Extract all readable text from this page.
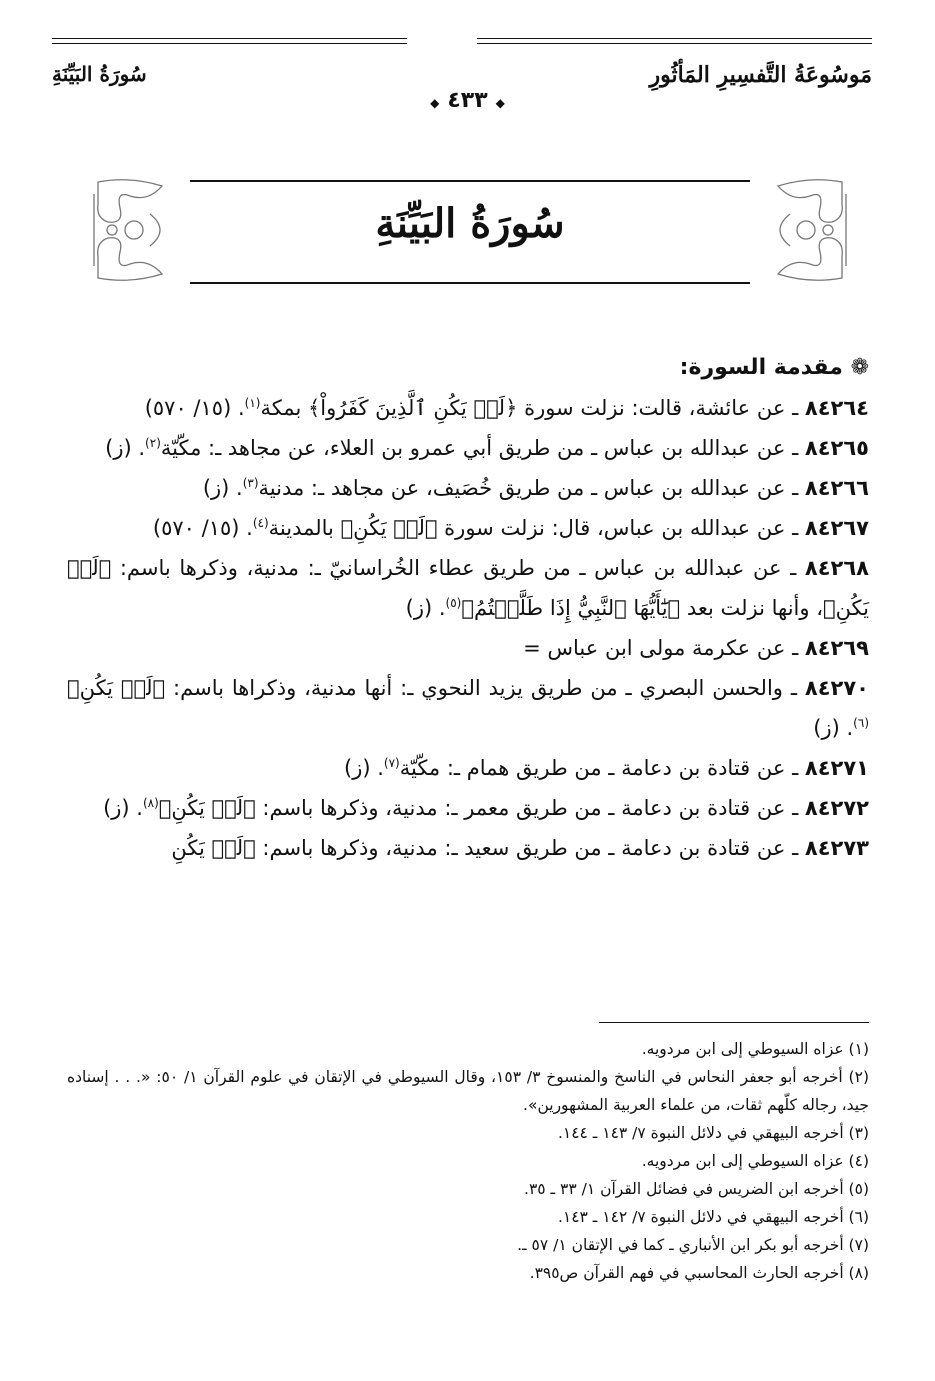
مَوسُوعَةُ التَّفسِيرِ المَأثُورِ
سُورَةُ البَيِّنَةِ
◆٤٣٣◆
سُورَةُ البَيِّنَةِ

❁ مقدمة السورة:

٨٤٢٦٤ ـ عن عائشة، قالت: نزلت سورة ﴿لَمۡ يَكُنِ ٱلَّذِينَ كَفَرُواْ﴾ بمكة$^{(١)}$. (١٥/ ٥٧٠)

٨٤٢٦٥ ـ عن عبدالله بن عباس ـ من طريق أبي عمرو بن العلاء، عن مجاهد ـ: مكّيّة$^{(٢)}$. (ز)

٨٤٢٦٦ ـ عن عبدالله بن عباس ـ من طريق خُصَيف، عن مجاهد ـ: مدنية$^{(٣)}$. (ز)

٨٤٢٦٧ ـ عن عبدالله بن عباس، قال: نزلت سورة ﴿لَمۡ يَكُنِ﴾ بالمدينة$^{(٤)}$. (١٥/ ٥٧٠)

٨٤٢٦٨ ـ عن عبدالله بن عباس ـ من طريق عطاء الخُراسانيّ ـ: مدنية، وذكرها باسم: ﴿لَمۡ يَكُنِ﴾، وأنها نزلت بعد ﴿يَٰٓأَيُّهَا ٱلنَّبِيُّ إِذَا طَلَّقۡتُمُ﴾$^{(٥)}$. (ز)

٨٤٢٦٩ ـ عن عكرمة مولى ابن عباس =

٨٤٢٧٠ ـ والحسن البصري ـ من طريق يزيد النحوي ـ: أنها مدنية، وذكراها باسم: ﴿لَمۡ يَكُنِ﴾$^{(٦)}$. (ز)

٨٤٢٧١ ـ عن قتادة بن دعامة ـ من طريق همام ـ: مكّيّة$^{(٧)}$. (ز)

٨٤٢٧٢ ـ عن قتادة بن دعامة ـ من طريق معمر ـ: مدنية، وذكرها باسم: ﴿لَمۡ يَكُنِ﴾$^{(٨)}$. (ز)

٨٤٢٧٣ ـ عن قتادة بن دعامة ـ من طريق سعيد ـ: مدنية، وذكرها باسم: ﴿لَمۡ يَكُنِ

(١) عزاه السيوطي إلى ابن مردويه.

(٢) أخرجه أبو جعفر النحاس في الناسخ والمنسوخ ٣/ ١٥٣، وقال السيوطي في الإتقان في علوم القرآن ١/ ٥٠: «. . . إسناده جيد، رجاله كلّهم ثقات، من علماء العربية المشهورين».

(٣) أخرجه البيهقي في دلائل النبوة ٧/ ١٤٣ ـ ١٤٤.

(٤) عزاه السيوطي إلى ابن مردويه.

(٥) أخرجه ابن الضريس في فضائل القرآن ١/ ٣٣ ـ ٣٥.

(٦) أخرجه البيهقي في دلائل النبوة ٧/ ١٤٢ ـ ١٤٣.

(٧) أخرجه أبو بكر ابن الأنباري ـ كما في الإتقان ١/ ٥٧ ـ.

(٨) أخرجه الحارث المحاسبي في فهم القرآن ص٣٩٥.
